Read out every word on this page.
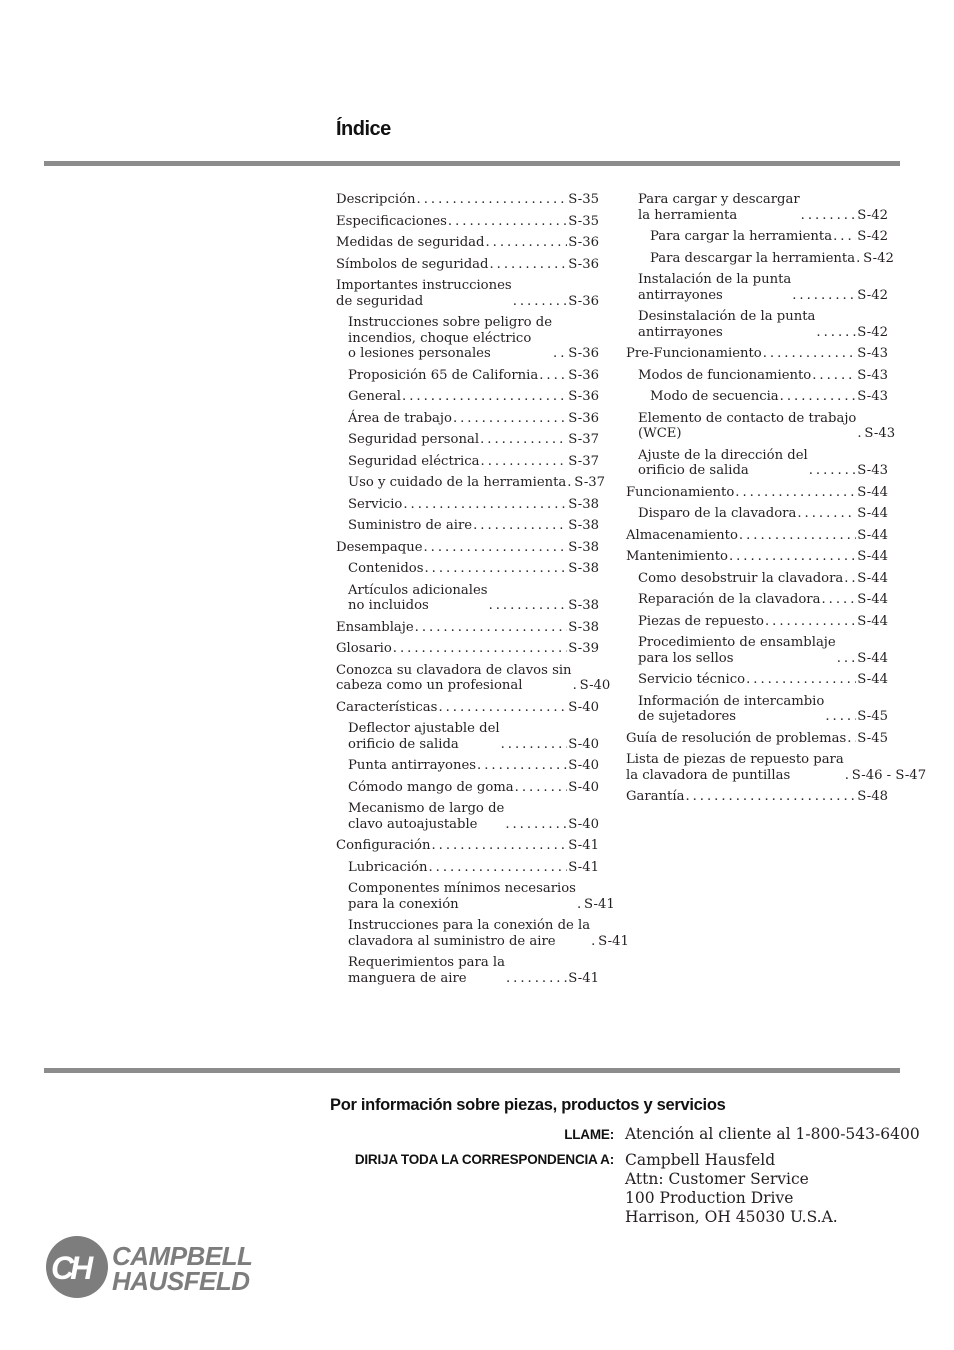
Índice
Descripción . . .	S-35
Especificaciones . . .	S-35
Medidas de seguridad . . .	S-36
Símbolos de seguridad . . .	S-36
Importantes instrucciones
de seguridad . . .	S-36
Instrucciones sobre peligro de
incendios, choque eléctrico
o lesiones personales . . .	S-36
Proposición 65 de California . . . S-36
General . . .	S-36
Área de trabajo . . .	S-36
Seguridad personal . . .	S-37
Seguridad eléctrica . . .	S-37
Uso y cuidado de la herramienta . . . S-37
Servicio . . .	S-38
Suministro de aire . . .	S-38
Desempaque . . .	S-38
Contenidos . . .	S-38
Artículos adicionales
no incluidos . . .	S-38
Ensamblaje . . .	S-38
Glosario . . .	S-39
Conozca su clavadora de clavos sin
cabeza como un profesional . . .	S-40
Características . . .	S-40
Deflector ajustable del
orificio de salida . . .	S-40
Punta antirrayones . . .	S-40
Cómodo mango de goma . . .	S-40
Mecanismo de largo de
clavo autoajustable . . .	S-40
Configuración . . .	S-41
Lubricación . . .	S-41
Componentes mínimos necesarios
para la conexión . . .	S-41
Instrucciones para la conexión de la
clavadora al suministro de aire . . .	S-41
Requerimientos para la
manguera de aire . . .	S-41
Para cargar y descargar
la herramienta . . .	S-42
Para cargar la herramienta . . . S-42
Para descargar la herramienta . . . S-42
Instalación de la punta
antirrayones . . .	S-42
Desinstalación de la punta
antirrayones . . .	S-42
Pre-Funcionamiento . . .	S-43
Modos de funcionamiento . . .	S-43
Modo de secuencia . . .	S-43
Elemento de contacto de trabajo
(WCE) . . .	S-43
Ajuste de la dirección del
orificio de salida . . .	S-43
Funcionamiento . . .	S-44
Disparo de la clavadora . . .	S-44
Almacenamiento . . .	S-44
Mantenimiento . . .	S-44
Como desobstruir la clavadora . . . S-44
Reparación de la clavadora . . .	S-44
Piezas de repuesto . . .	S-44
Procedimiento de ensamblaje
para los sellos . . .	S-44
Servicio técnico . . .	S-44
Información de intercambio
de sujetadores . . .	S-45
Guía de resolución de problemas . . . S-45
Lista de piezas de repuesto para
la clavadora de puntillas . . .	S-46 - S-47
Garantía . . .	S-48
Por información sobre piezas, productos y servicios
LLAME: Atención al cliente al 1-800-543-6400
DIRIJA TODA LA CORRESPONDENCIA A: Campbell Hausfeld
Attn: Customer Service
100 Production Drive
Harrison, OH 45030 U.S.A.
CH CAMPBELL
HAUSFELD
